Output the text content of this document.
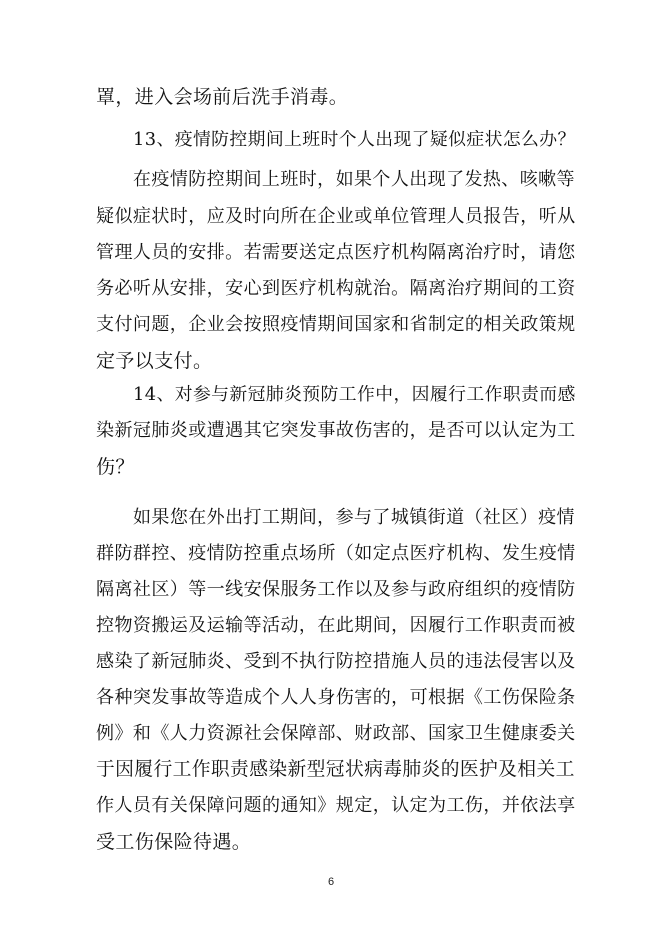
罩，进入会场前后洗手消毒。
13、疫情防控期间上班时个人出现了疑似症状怎么办？
在疫情防控期间上班时，如果个人出现了发热、咳嗽等
疑似症状时，应及时向所在企业或单位管理人员报告，听从
管理人员的安排。若需要送定点医疗机构隔离治疗时，请您
务必听从安排，安心到医疗机构就治。隔离治疗期间的工资
支付问题，企业会按照疫情期间国家和省制定的相关政策规
定予以支付。
14、对参与新冠肺炎预防工作中，因履行工作职责而感
染新冠肺炎或遭遇其它突发事故伤害的，是否可以认定为工
伤？
如果您在外出打工期间，参与了城镇街道（社区）疫情
群防群控、疫情防控重点场所（如定点医疗机构、发生疫情
隔离社区）等一线安保服务工作以及参与政府组织的疫情防
控物资搬运及运输等活动，在此期间，因履行工作职责而被
感染了新冠肺炎、受到不执行防控措施人员的违法侵害以及
各种突发事故等造成个人人身伤害的，可根据《工伤保险条
例》和《人力资源社会保障部、财政部、国家卫生健康委关
于因履行工作职责感染新型冠状病毒肺炎的医护及相关工
作人员有关保障问题的通知》规定，认定为工伤，并依法享
受工伤保险待遇。
6
